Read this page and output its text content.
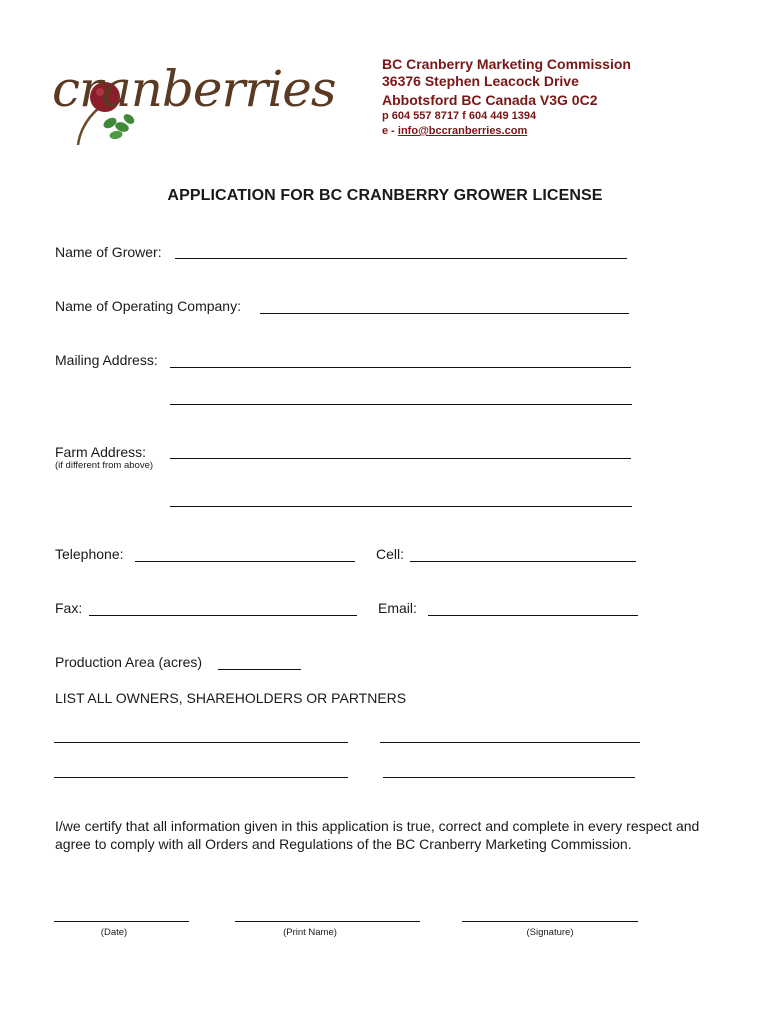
cranberries	BC Cranberry Marketing Commission
36376 Stephen Leacock Drive
Abbotsford BC Canada V3G 0C2
p 604 557 8717 f 604 449 1394
e - info@bccranberries.com
APPLICATION FOR BC CRANBERRY GROWER LICENSE
Name of Grower:
Name of Operating Company:
Mailing Address:
Farm Address:
(if different from above)
Telephone:	Cell:
Fax:	Email:
Production Area (acres)
LIST ALL OWNERS, SHAREHOLDERS OR PARTNERS
I/we certify that all information given in this application is true, correct and complete in every respect and agree to comply with all Orders and Regulations of the BC Cranberry Marketing Commission.
(Date)	(Print Name)	(Signature)
